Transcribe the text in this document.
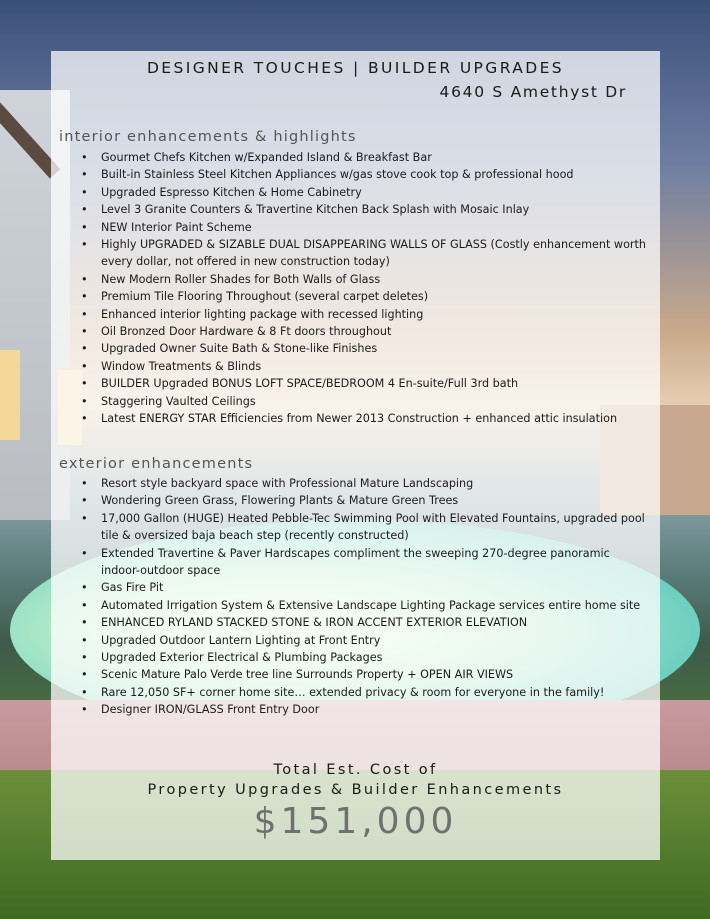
DESIGNER TOUCHES | BUILDER UPGRADES
4640 S Amethyst Dr
interior enhancements & highlights
• Gourmet Chefs Kitchen w/Expanded Island & Breakfast Bar
• Built-in Stainless Steel Kitchen Appliances w/gas stove cook top & professional hood
• Upgraded Espresso Kitchen & Home Cabinetry
• Level 3 Granite Counters & Travertine Kitchen Back Splash with Mosaic Inlay
• NEW Interior Paint Scheme
• Highly UPGRADED & SIZABLE DUAL DISAPPEARING WALLS OF GLASS (Costly enhancement worth every dollar, not offered in new construction today)
• New Modern Roller Shades for Both Walls of Glass
• Premium Tile Flooring Throughout (several carpet deletes)
• Enhanced interior lighting package with recessed lighting
• Oil Bronzed Door Hardware & 8 Ft doors throughout
• Upgraded Owner Suite Bath & Stone-like Finishes
• Window Treatments & Blinds
• BUILDER Upgraded BONUS LOFT SPACE/BEDROOM 4 En-suite/Full 3rd bath
• Staggering Vaulted Ceilings
• Latest ENERGY STAR Efficiencies from Newer 2013 Construction + enhanced attic insulation
exterior enhancements
• Resort style backyard space with Professional Mature Landscaping
• Wondering Green Grass, Flowering Plants & Mature Green Trees
• 17,000 Gallon (HUGE) Heated Pebble-Tec Swimming Pool with Elevated Fountains, upgraded pool tile & oversized baja beach step (recently constructed)
• Extended Travertine & Paver Hardscapes compliment the sweeping 270-degree panoramic indoor-outdoor space
• Gas Fire Pit
• Automated Irrigation System & Extensive Landscape Lighting Package services entire home site
• ENHANCED RYLAND STACKED STONE & IRON ACCENT EXTERIOR ELEVATION
• Upgraded Outdoor Lantern Lighting at Front Entry
• Upgraded Exterior Electrical & Plumbing Packages
• Scenic Mature Palo Verde tree line Surrounds Property + OPEN AIR VIEWS
• Rare 12,050 SF+ corner home site… extended privacy & room for everyone in the family!
• Designer IRON/GLASS Front Entry Door
Total Est. Cost of
Property Upgrades & Builder Enhancements
$151,000
